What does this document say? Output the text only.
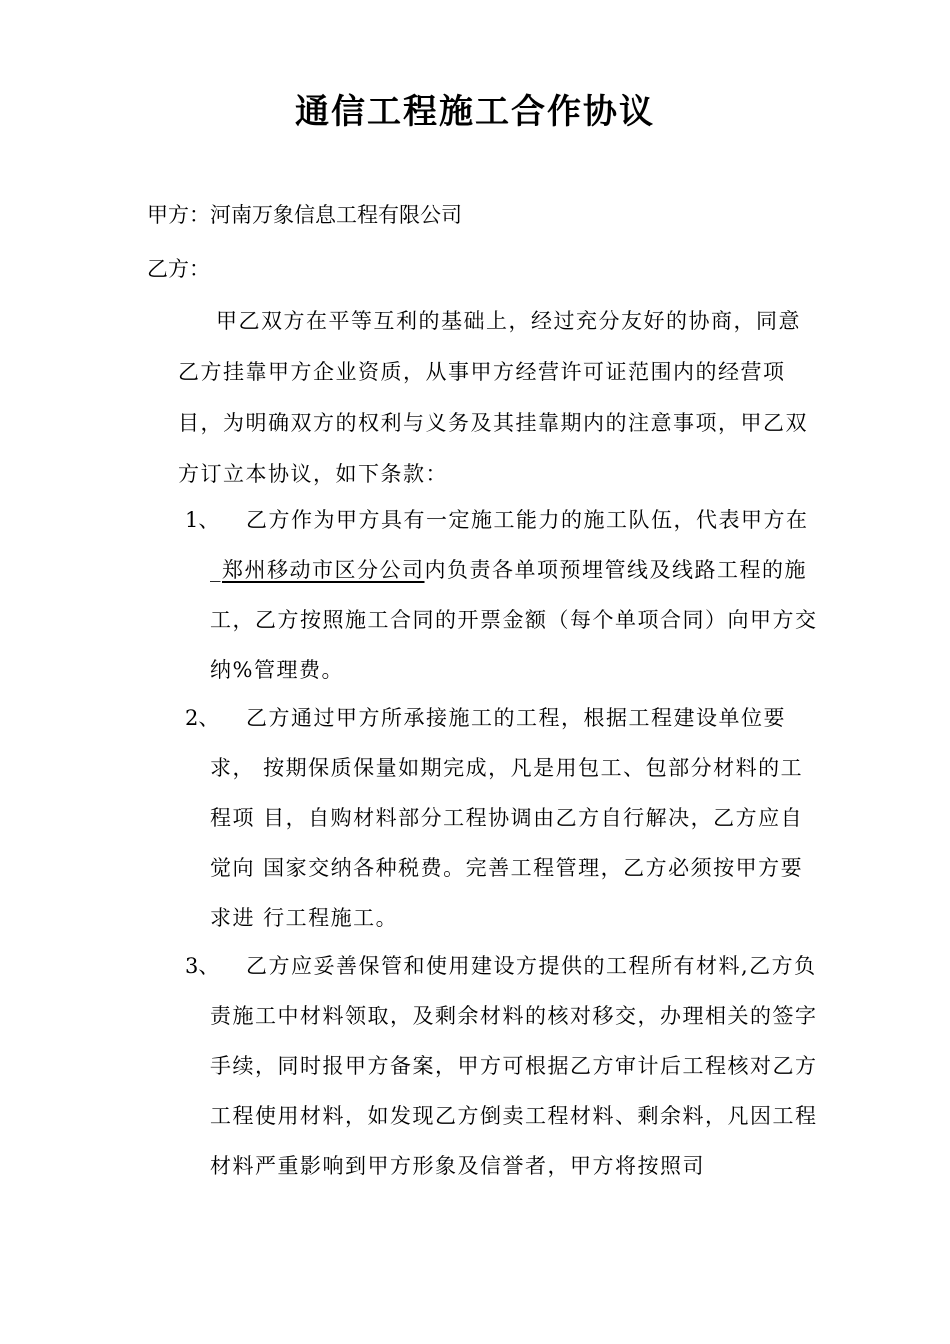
通信工程施工合作协议
甲方：河南万象信息工程有限公司
乙方：
甲乙双方在平等互利的基础上，经过充分友好的协商，同意乙方挂靠甲方企业资质，从事甲方经营许可证范围内的经营项目，为明确双方的权利与义务及其挂靠期内的注意事项，甲乙双方订立本协议，如下条款：
1、	乙方作为甲方具有一定施工能力的施工队伍，代表甲方在_郑州移动市区分公司内负责各单项预埋管线及线路工程的施工，乙方按照施工合同的开票金额（每个单项合同）向甲方交纳%管理费。
2、	乙方通过甲方所承接施工的工程，根据工程建设单位要求， 按期保质保量如期完成，凡是用包工、包部分材料的工程项 目，自购材料部分工程协调由乙方自行解决，乙方应自觉向 国家交纳各种税费。完善工程管理，乙方必须按甲方要求进 行工程施工。
3、	乙方应妥善保管和使用建设方提供的工程所有材料,乙方负责施工中材料领取，及剩余材料的核对移交，办理相关的签字手续，同时报甲方备案，甲方可根据乙方审计后工程核对乙方工程使用材料，如发现乙方倒卖工程材料、剩余料，凡因工程材料严重影响到甲方形象及信誉者，甲方将按照司
